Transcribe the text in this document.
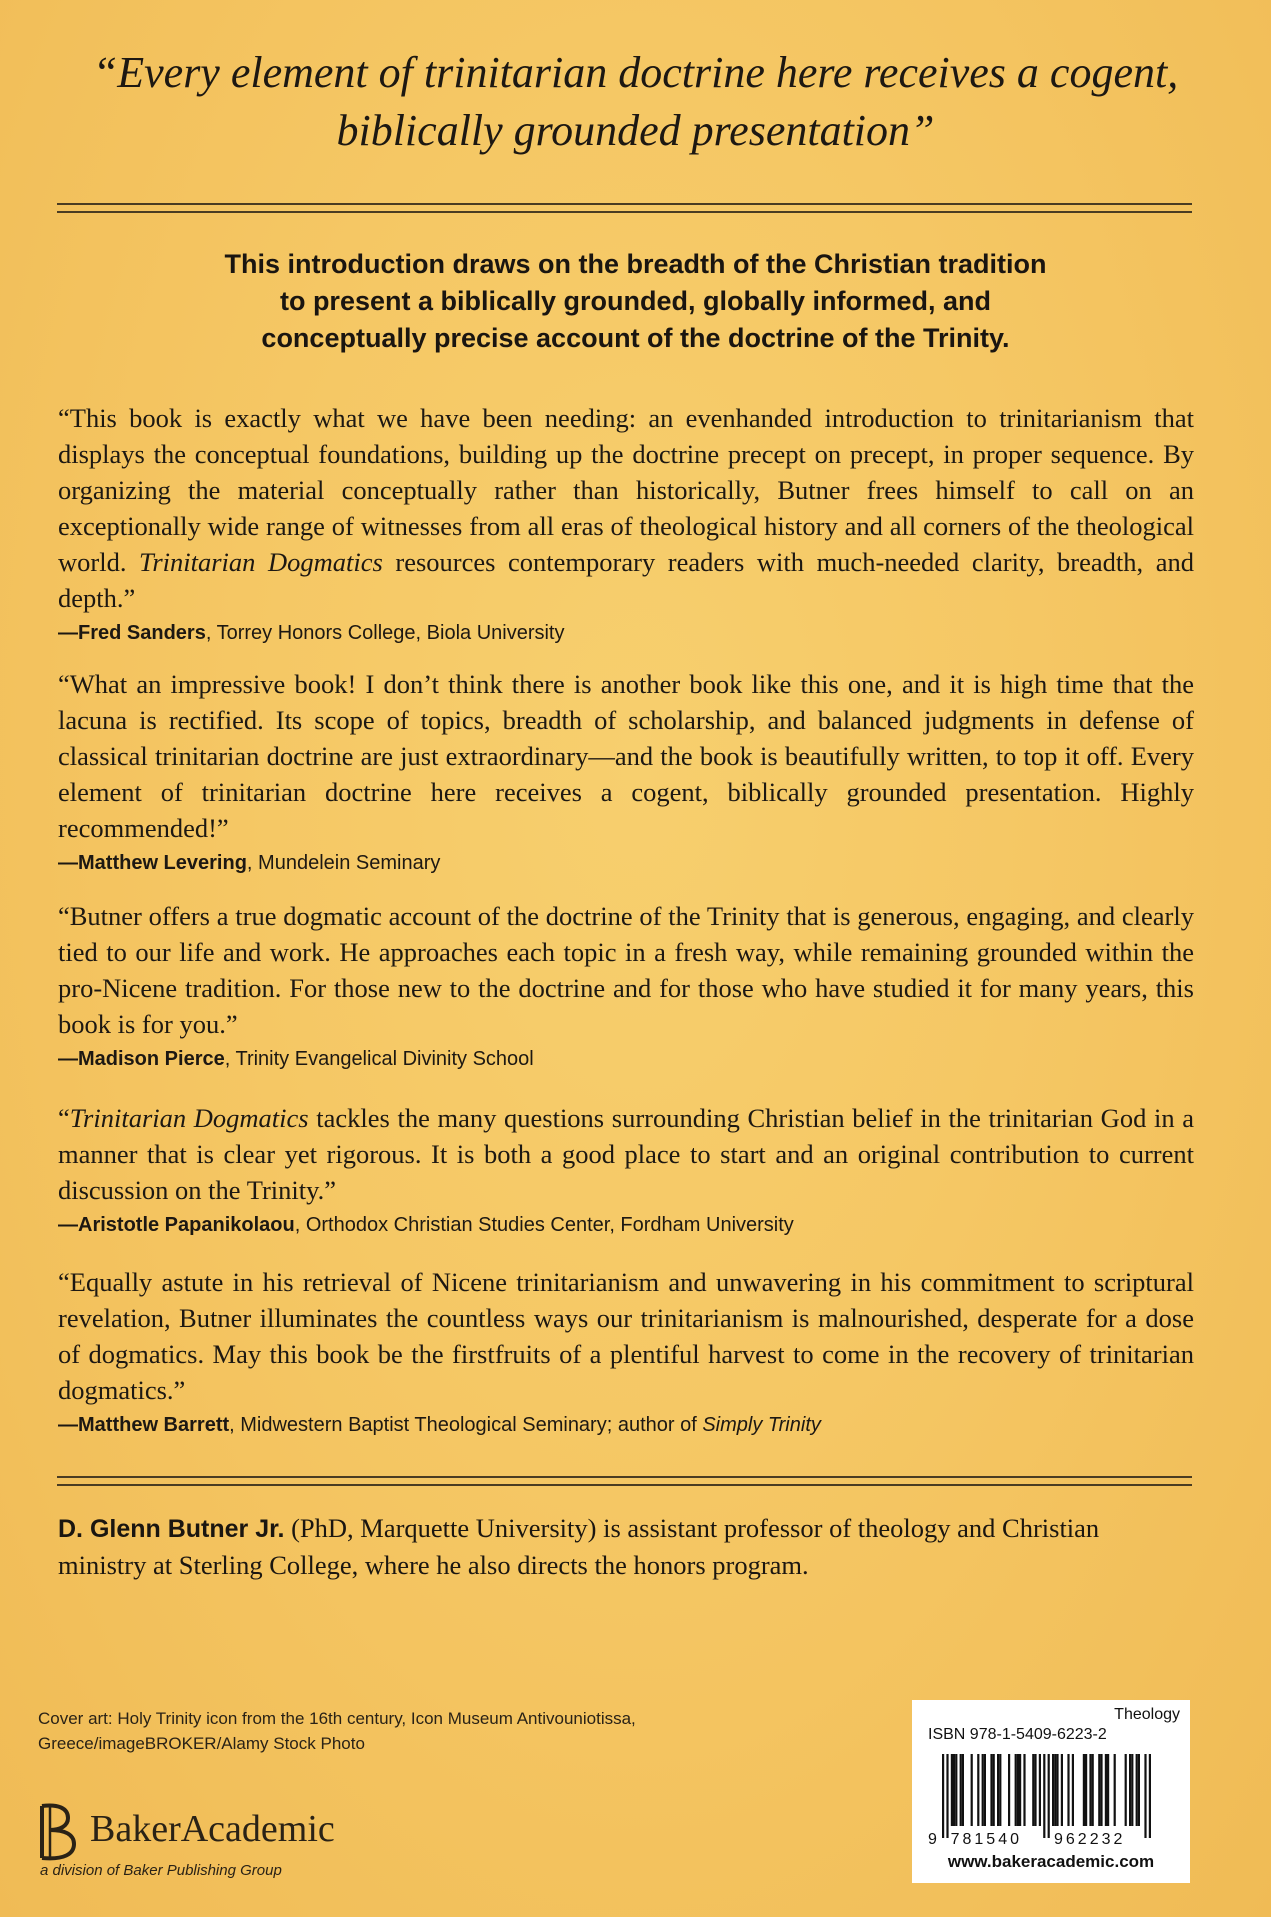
“Every element of trinitarian doctrine here receives a cogent,
biblically grounded presentation”
This introduction draws on the breadth of the Christian tradition
to present a biblically grounded, globally informed, and
conceptually precise account of the doctrine of the Trinity.

“This book is exactly what we have been needing: an evenhanded introduction to trinitarianism that displays the conceptual foundations, building up the doctrine precept on precept, in proper sequence. By organizing the material conceptually rather than historically, Butner frees himself to call on an exceptionally wide range of witnesses from all eras of theological history and all corners of the theological world. Trinitarian Dogmatics resources contemporary readers with much-needed clarity, breadth, and depth.”

—Fred Sanders, Torrey Honors College, Biola University

“What an impressive book! I don’t think there is another book like this one, and it is high time that the lacuna is rectified. Its scope of topics, breadth of scholarship, and balanced judgments in defense of classical trinitarian doctrine are just extraordinary—and the book is beautifully written, to top it off. Every element of trinitarian doctrine here receives a cogent, biblically grounded presentation. Highly recommended!”

—Matthew Levering, Mundelein Seminary

“Butner offers a true dogmatic account of the doctrine of the Trinity that is generous, engaging, and clearly tied to our life and work. He approaches each topic in a fresh way, while remaining grounded within the pro-Nicene tradition. For those new to the doctrine and for those who have studied it for many years, this book is for you.”

—Madison Pierce, Trinity Evangelical Divinity School

“Trinitarian Dogmatics tackles the many questions surrounding Christian belief in the trinitarian God in a manner that is clear yet rigorous. It is both a good place to start and an original contribution to current discussion on the Trinity.”

—Aristotle Papanikolaou, Orthodox Christian Studies Center, Fordham University

“Equally astute in his retrieval of Nicene trinitarianism and unwavering in his commitment to scriptural revelation, Butner illuminates the countless ways our trinitarianism is malnourished, desperate for a dose of dogmatics. May this book be the firstfruits of a plentiful harvest to come in the recovery of trinitarian dogmatics.”

—Matthew Barrett, Midwestern Baptist Theological Seminary; author of Simply Trinity
D. Glenn Butner Jr. (PhD, Marquette University) is assistant professor of theology and Christian ministry at Sterling College, where he also directs the honors program.
Cover art: Holy Trinity icon from the 16th century, Icon Museum Antivouniotissa,
Greece/imageBROKER/Alamy Stock Photo
BakerAcademic
a division of Baker Publishing Group
Theology
ISBN 978-1-5409-6223-2
9 781540 962232
www.bakeracademic.com
